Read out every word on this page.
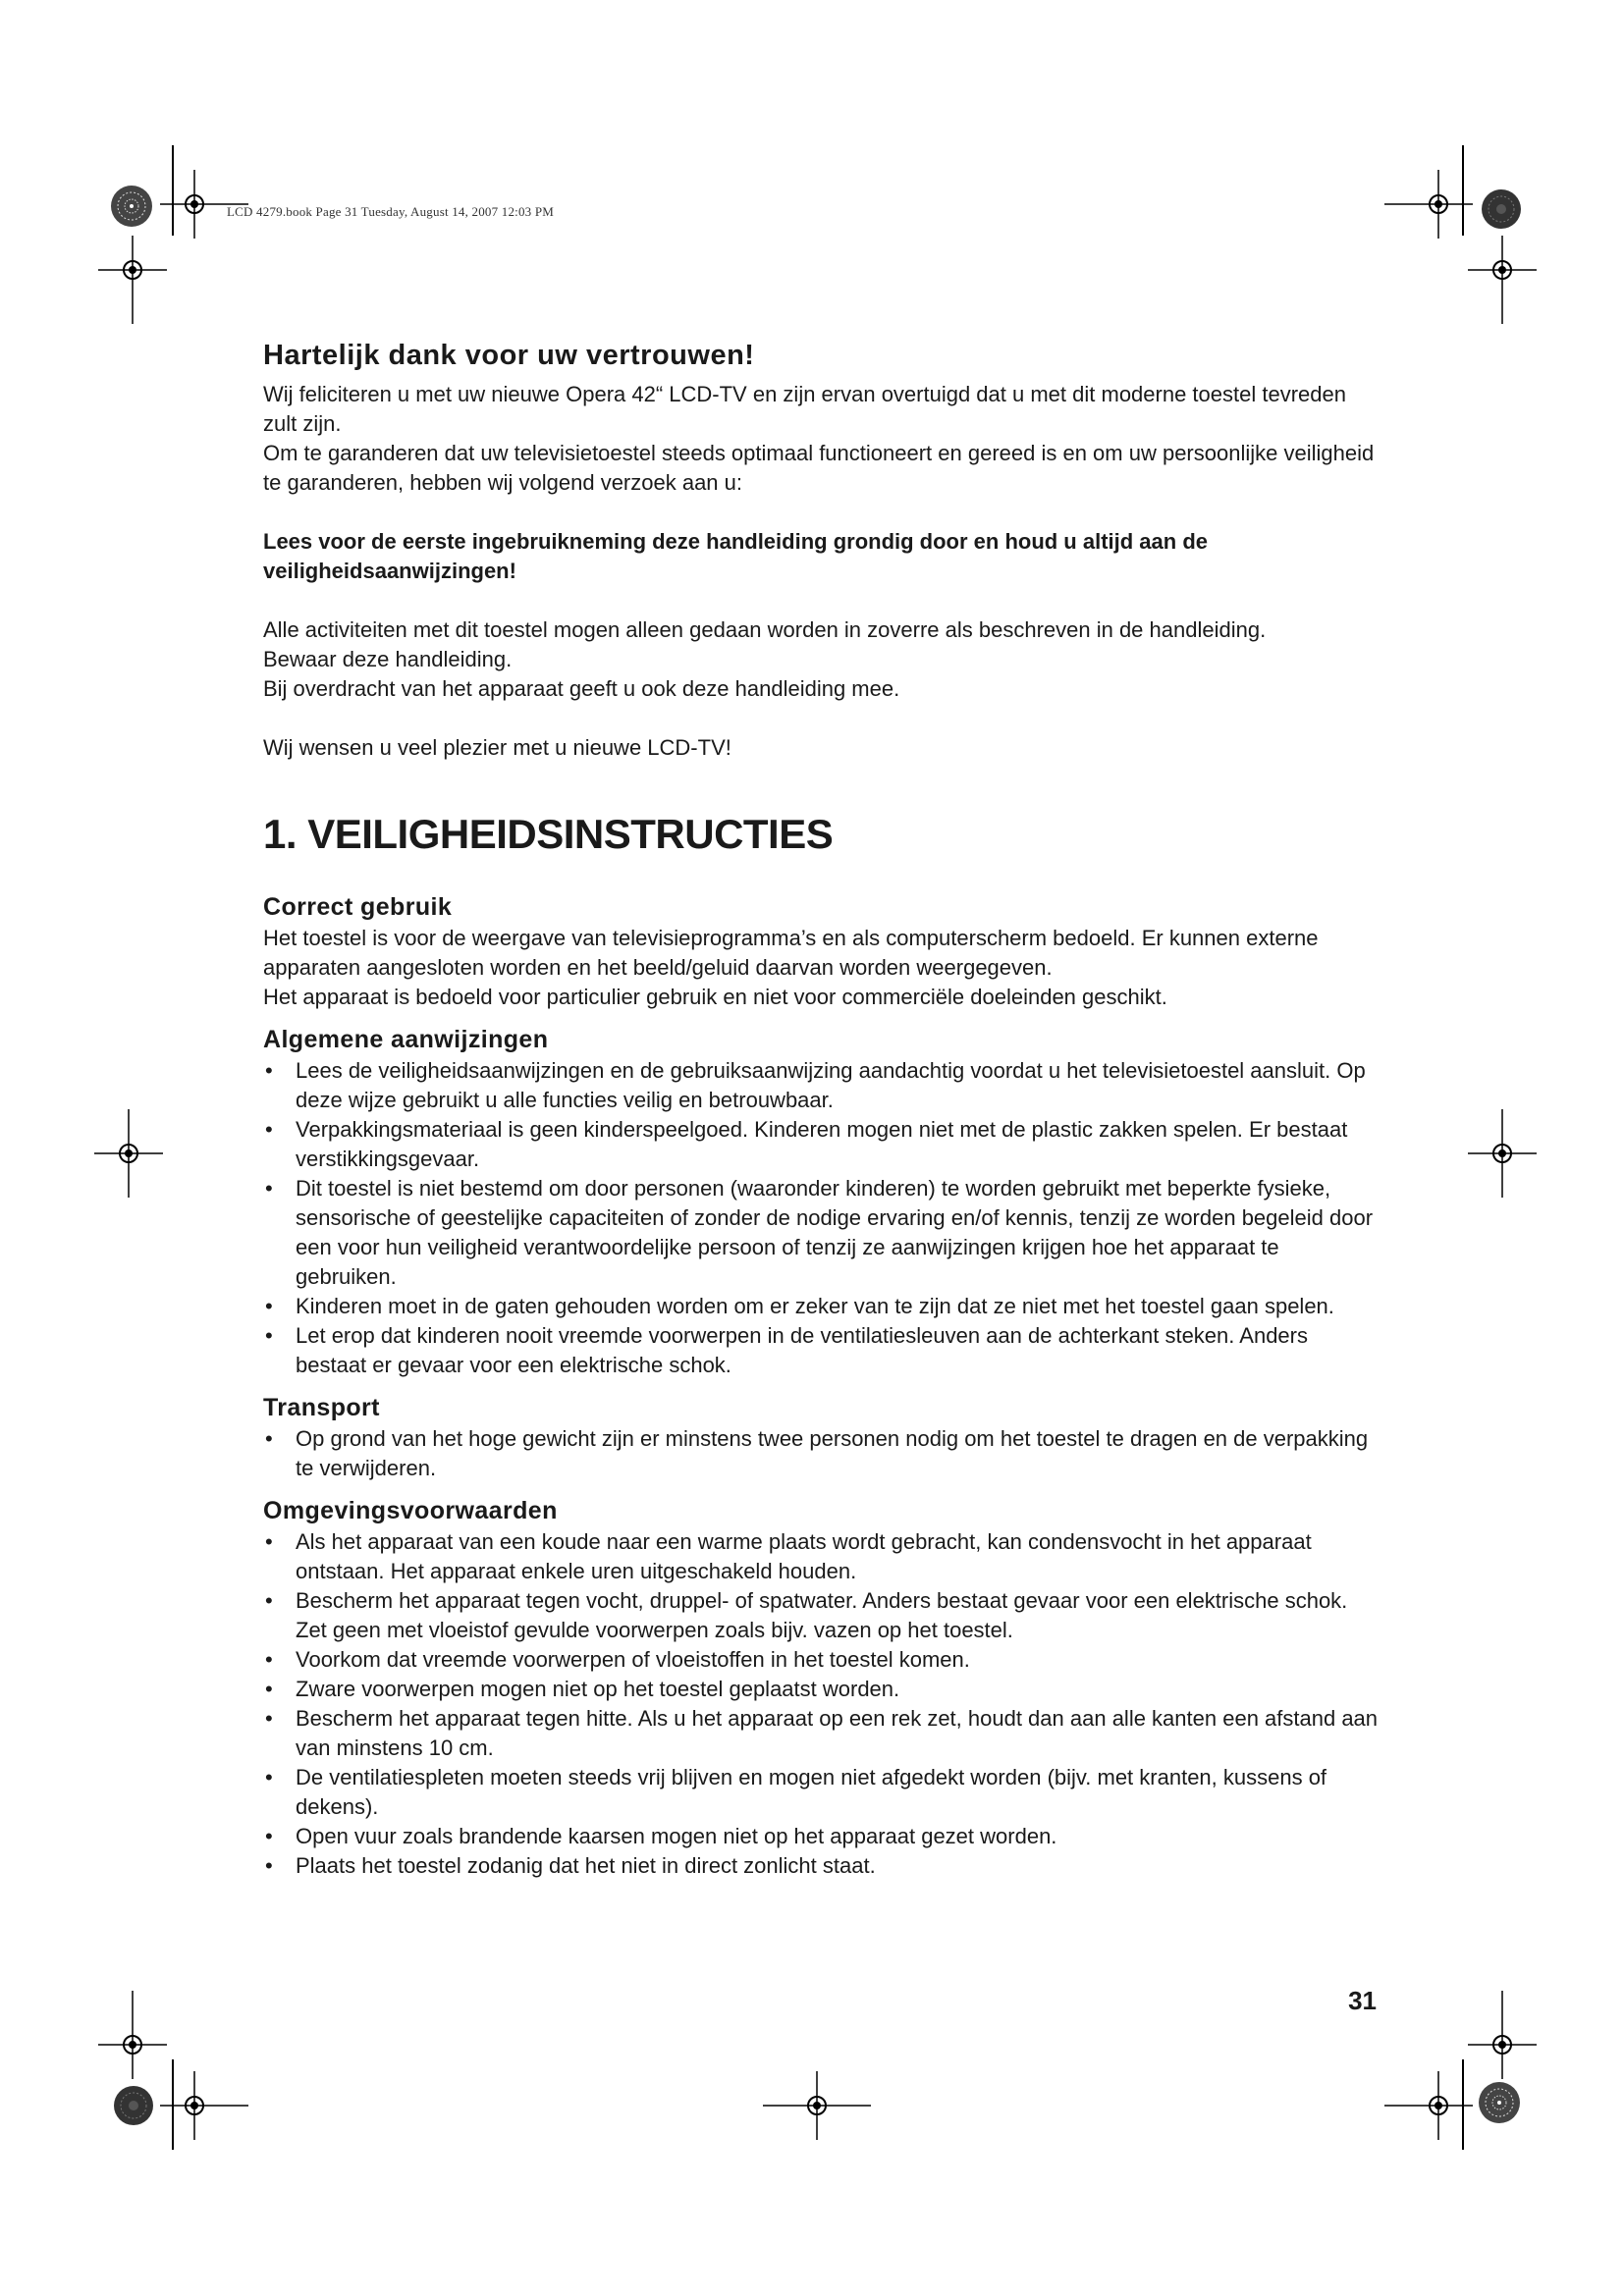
LCD 4279.book Page 31 Tuesday, August 14, 2007 12:03 PM
Hartelijk dank voor uw vertrouwen!

Wij feliciteren u met uw nieuwe Opera 42“ LCD-TV en zijn ervan overtuigd dat u met dit moderne toestel tevreden zult zijn.

Om te garanderen dat uw televisietoestel steeds optimaal functioneert en gereed is en om uw persoonlijke veiligheid te garanderen, hebben wij volgend verzoek aan u:

Lees voor de eerste ingebruikneming deze handleiding grondig door en houd u altijd aan de veiligheidsaanwijzingen!

Alle activiteiten met dit toestel mogen alleen gedaan worden in zoverre als beschreven in de handleiding.

Bewaar deze handleiding.

Bij overdracht van het apparaat geeft u ook deze handleiding mee.

Wij wensen u veel plezier met u nieuwe LCD-TV!

1. VEILIGHEIDSINSTRUCTIES
Correct gebruik

Het toestel is voor de weergave van televisieprogramma’s en als computerscherm bedoeld. Er kunnen externe apparaten aangesloten worden en het beeld/geluid daarvan worden weergegeven.

Het apparaat is bedoeld voor particulier gebruik en niet voor commerciële doeleinden geschikt.

Algemene aanwijzingen
• Lees de veiligheidsaanwijzingen en de gebruiksaanwijzing aandachtig voordat u het televisietoestel aansluit. Op deze wijze gebruikt u alle functies veilig en betrouwbaar.
• Verpakkingsmateriaal is geen kinderspeelgoed. Kinderen mogen niet met de plastic zakken spelen. Er bestaat verstikkingsgevaar.
• Dit toestel is niet bestemd om door personen (waaronder kinderen) te worden gebruikt met beperkte fysieke, sensorische of geestelijke capaciteiten of zonder de nodige ervaring en/of kennis, tenzij ze worden begeleid door een voor hun veiligheid verantwoordelijke persoon of tenzij ze aanwijzingen krijgen hoe het apparaat te gebruiken.
• Kinderen moet in de gaten gehouden worden om er zeker van te zijn dat ze niet met het toestel gaan spelen.
• Let erop dat kinderen nooit vreemde voorwerpen in de ventilatiesleuven aan de achterkant steken. Anders bestaat er gevaar voor een elektrische schok.
Transport
• Op grond van het hoge gewicht zijn er minstens twee personen nodig om het toestel te dragen en de verpakking te verwijderen.
Omgevingsvoorwaarden
• Als het apparaat van een koude naar een warme plaats wordt gebracht, kan condensvocht in het apparaat ontstaan. Het apparaat enkele uren uitgeschakeld houden.
• Bescherm het apparaat tegen vocht, druppel- of spatwater. Anders bestaat gevaar voor een elektrische schok. Zet geen met vloeistof gevulde voorwerpen zoals bijv. vazen op het toestel.
• Voorkom dat vreemde voorwerpen of vloeistoffen in het toestel komen.
• Zware voorwerpen mogen niet op het toestel geplaatst worden.
• Bescherm het apparaat tegen hitte. Als u het apparaat op een rek zet, houdt dan aan alle kanten een afstand aan van minstens 10 cm.
• De ventilatiespleten moeten steeds vrij blijven en mogen niet afgedekt worden (bijv. met kranten, kussens of dekens).
• Open vuur zoals brandende kaarsen mogen niet op het apparaat gezet worden.
• Plaats het toestel zodanig dat het niet in direct zonlicht staat.
31
